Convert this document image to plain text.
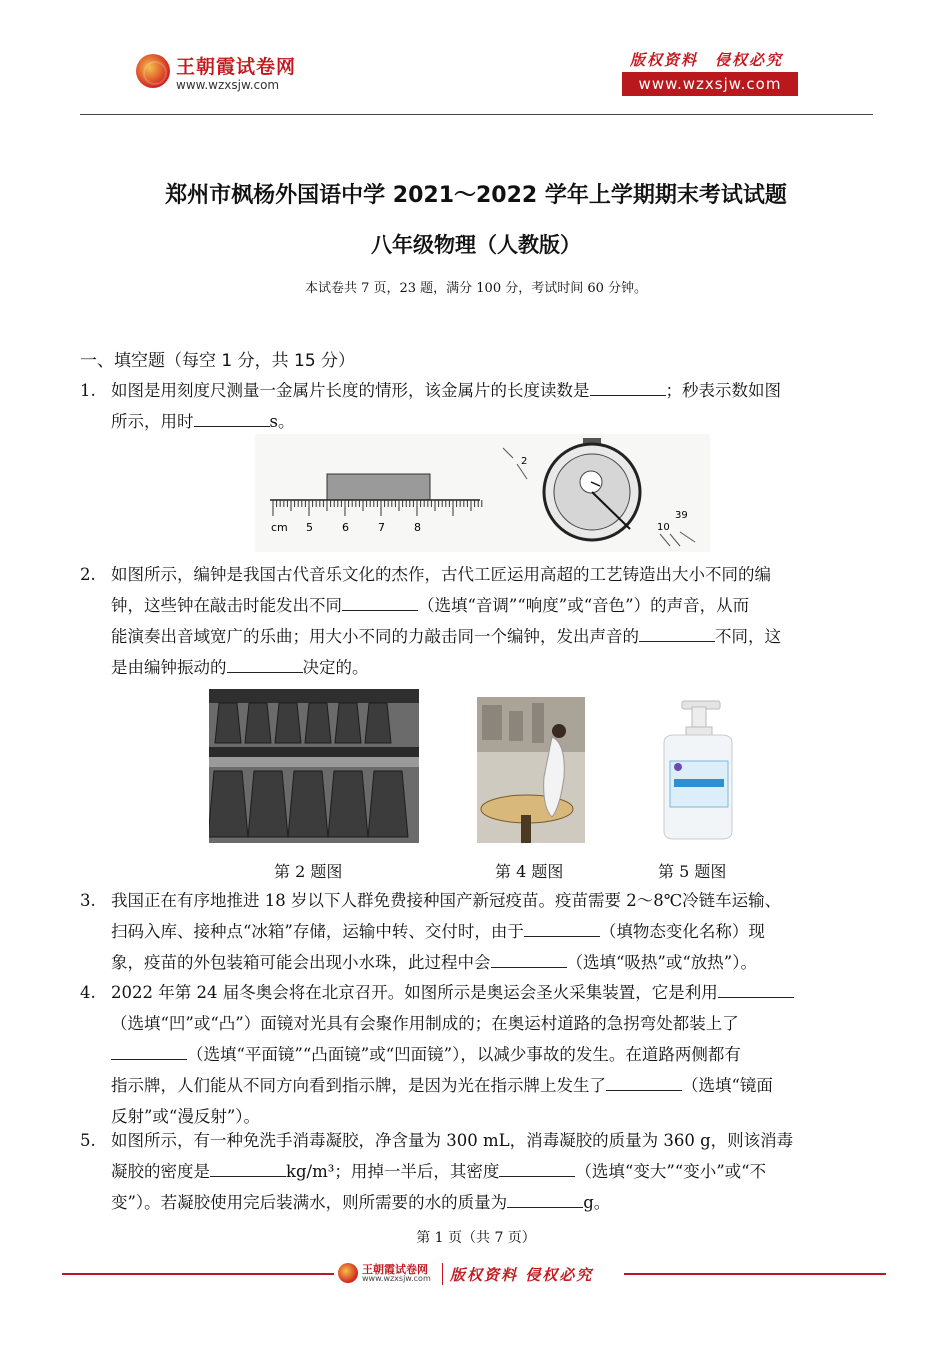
王朝霞试卷网
www.wzxsjw.com
版权资料　侵权必究
www.wzxsjw.com
郑州市枫杨外国语中学 2021～2022 学年上学期期末考试试题
八年级物理（人教版）
本试卷共 7 页，23 题，满分 100 分，考试时间 60 分钟。
一、填空题（每空 1 分，共 15 分）
1. 如图是用刻度尺测量一金属片长度的情形，该金属片的长度读数是	；秒表示数如图
所示，用时	s。
cm 5	6	7	8
2
10
39
2. 如图所示，编钟是我国古代音乐文化的杰作，古代工匠运用高超的工艺铸造出大小不同的编
钟，这些钟在敲击时能发出不同	（选填“音调”“响度”或“音色”）的声音，从而
能演奏出音域宽广的乐曲；用大小不同的力敲击同一个编钟，发出声音的	不同，这
是由编钟振动的	决定的。
第 2 题图	第 4 题图	第 5 题图
3. 我国正在有序地推进 18 岁以下人群免费接种国产新冠疫苗。疫苗需要 2～8℃冷链车运输、
扫码入库、接种点“冰箱”存储，运输中转、交付时，由于	（填物态变化名称）现
象，疫苗的外包装箱可能会出现小水珠，此过程中会	（选填“吸热”或“放热”）。
4. 2022 年第 24 届冬奥会将在北京召开。如图所示是奥运会圣火采集装置，它是利用
（选填“凹”或“凸”）面镜对光具有会聚作用制成的；在奥运村道路的急拐弯处都装上了
（选填“平面镜”“凸面镜”或“凹面镜”），以减少事故的发生。在道路两侧都有
指示牌，人们能从不同方向看到指示牌，是因为光在指示牌上发生了	（选填“镜面
反射”或“漫反射”）。
5. 如图所示，有一种免洗手消毒凝胶，净含量为 300 mL，消毒凝胶的质量为 360 g，则该消毒
凝胶的密度是	kg/m³；用掉一半后，其密度	（选填“变大”“变小”或“不
变”）。若凝胶使用完后装满水，则所需要的水的质量为	g。
第 1 页（共 7 页）
王朝霞试卷网
www.wzxsjw.com 版权资料 侵权必究
